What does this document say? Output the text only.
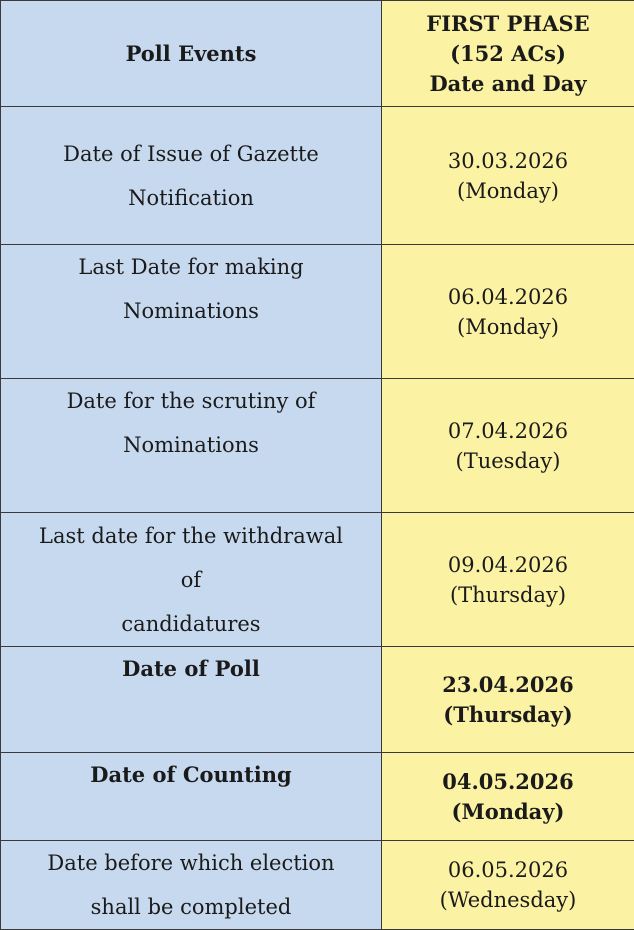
Poll Events	FIRST PHASE
(152 ACs)
Date and Day

Date of Issue of Gazette
Notification	30.03.2026
(Monday)

Last Date for making
Nominations	06.04.2026
(Monday)

Date for the scrutiny of
Nominations	07.04.2026
(Tuesday)

Last date for the withdrawal
of
candidatures	09.04.2026
(Thursday)

Date of Poll	23.04.2026
(Thursday)

Date of Counting	04.05.2026
(Monday)

Date before which election
shall be completed	06.05.2026
(Wednesday)
